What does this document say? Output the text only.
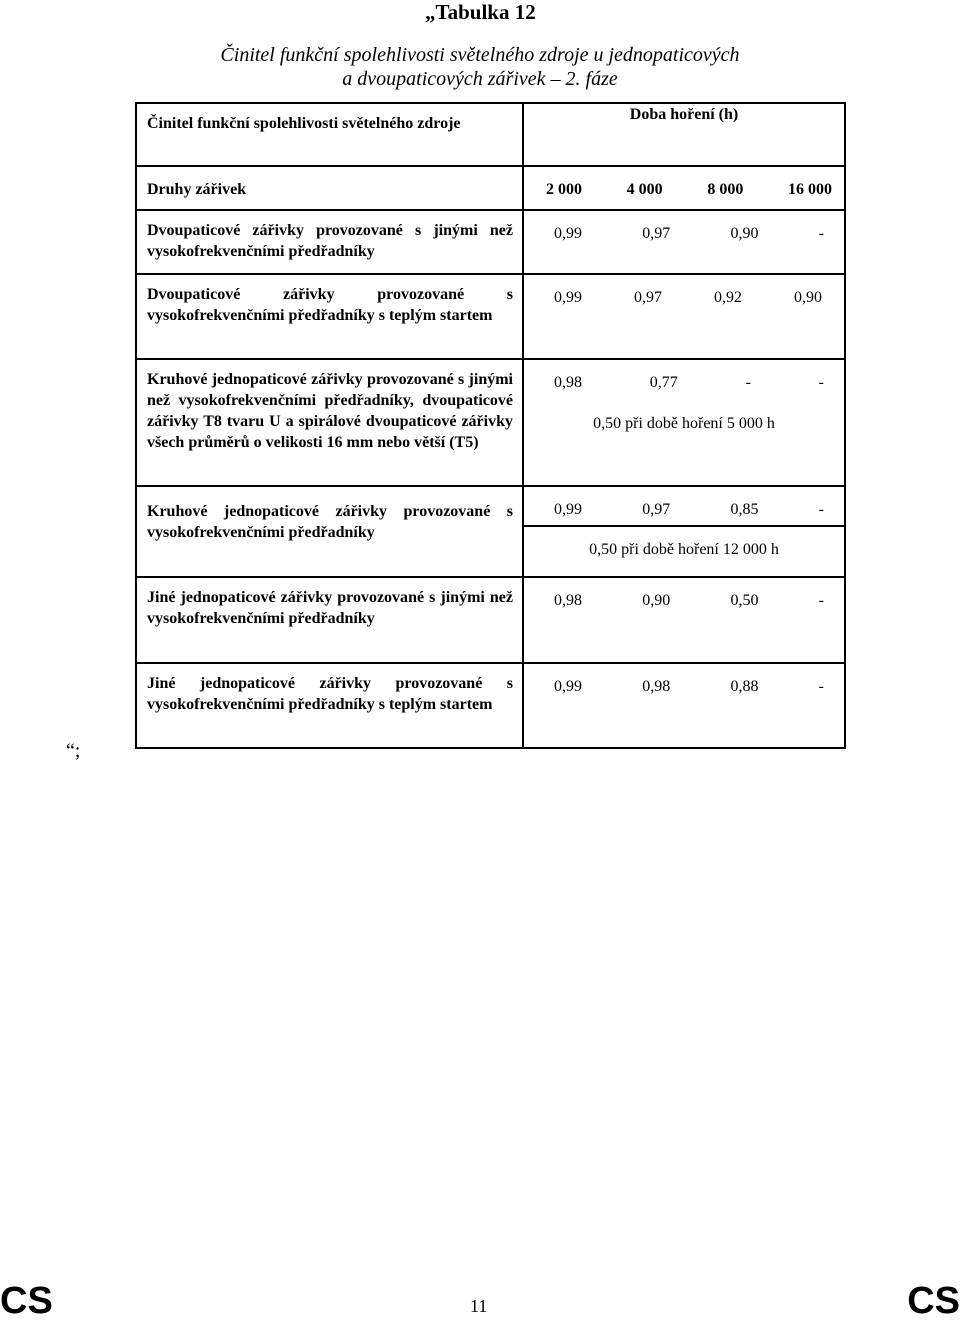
„Tabulka 12
Činitel funkční spolehlivosti světelného zdroje u jednopaticových
a dvoupaticových zářivek – 2. fáze
Činitel funkční spolehlivosti světelného zdroje	Doba hoření (h)

Druhy zářivek	2 000 4 000 8 000 16 000

Dvoupaticové zářivky provozované s jinými než vysokofrekvenčními předřadníky	0,99 0,97 0,90 -

Dvoupaticové zářivky provozované s vysokofrekvenčními předřadníky s teplým startem	0,99 0,97 0,92 0,90

Kruhové jednopaticové zářivky provozované s jinými než vysokofrekvenčními předřadníky, dvoupaticové zářivky T8 tvaru U a spirálové dvoupaticové zářivky všech průměrů o velikosti 16 mm nebo větší (T5)	0,98 0,77 - -
0,50 při době hoření 5 000 h

Kruhové jednopaticové zářivky provozované s vysokofrekvenčními předřadníky	0,99 0,97 0,85 -
0,50 při době hoření 12 000 h

Jiné jednopaticové zářivky provozované s jinými než vysokofrekvenčními předřadníky	0,98 0,90 0,50 -

Jiné jednopaticové zářivky provozované s vysokofrekvenčními předřadníky s teplým startem	0,99 0,98 0,88 -
“;
CS	11	CS
